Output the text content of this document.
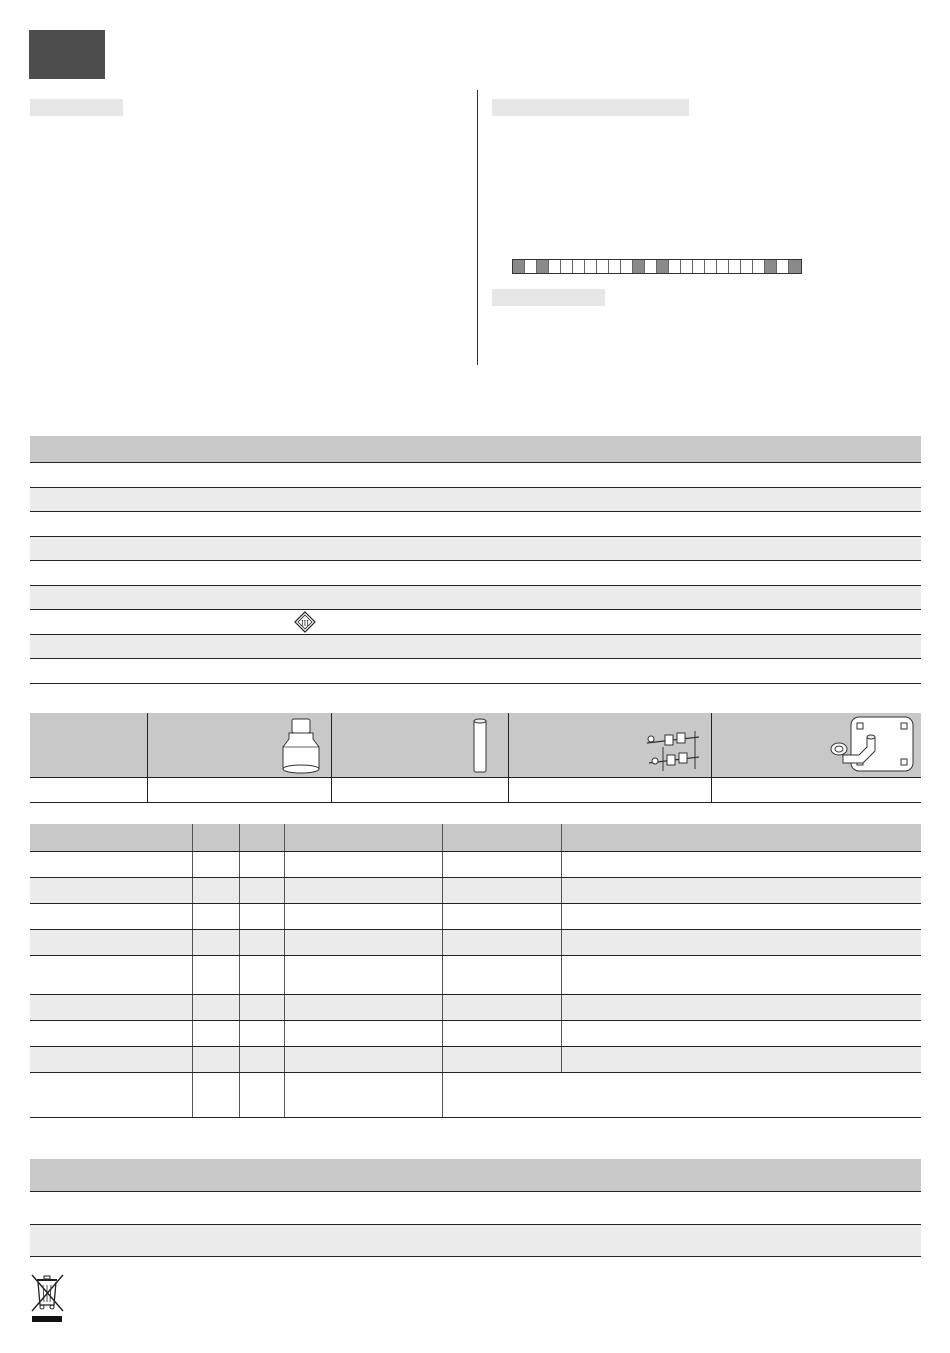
III
